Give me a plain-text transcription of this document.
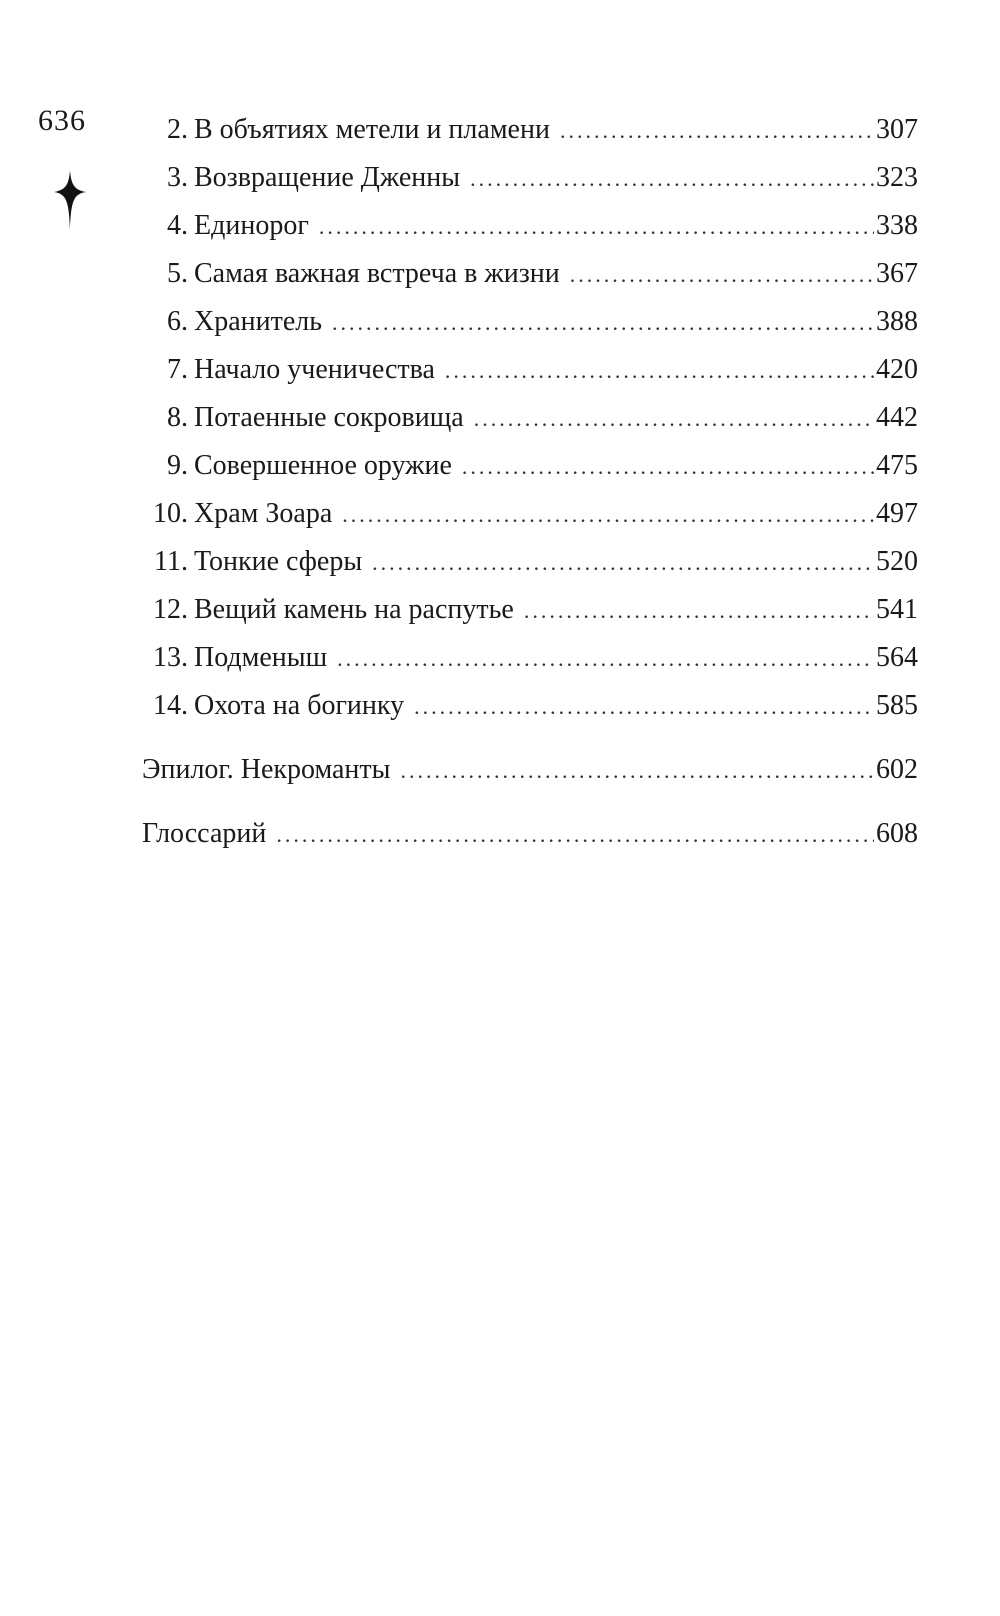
636	2. В объятиях метели и пламени .....	307
3. Возвращение Дженны .....	323
4. Единорог .....	338
5. Самая важная встреча в жизни .....	367
6. Хранитель .....	388
7. Начало ученичества .....	420
8. Потаенные сокровища .....	442
9. Совершенное оружие .....	475
10. Храм Зоара .....	497
11. Тонкие сферы .....	520
12. Вещий камень на распутье .....	541
13. Подменыш .....	564
14. Охота на богинку .....	585
Эпилог. Некроманты .....	602
Глоссарий .....	608
